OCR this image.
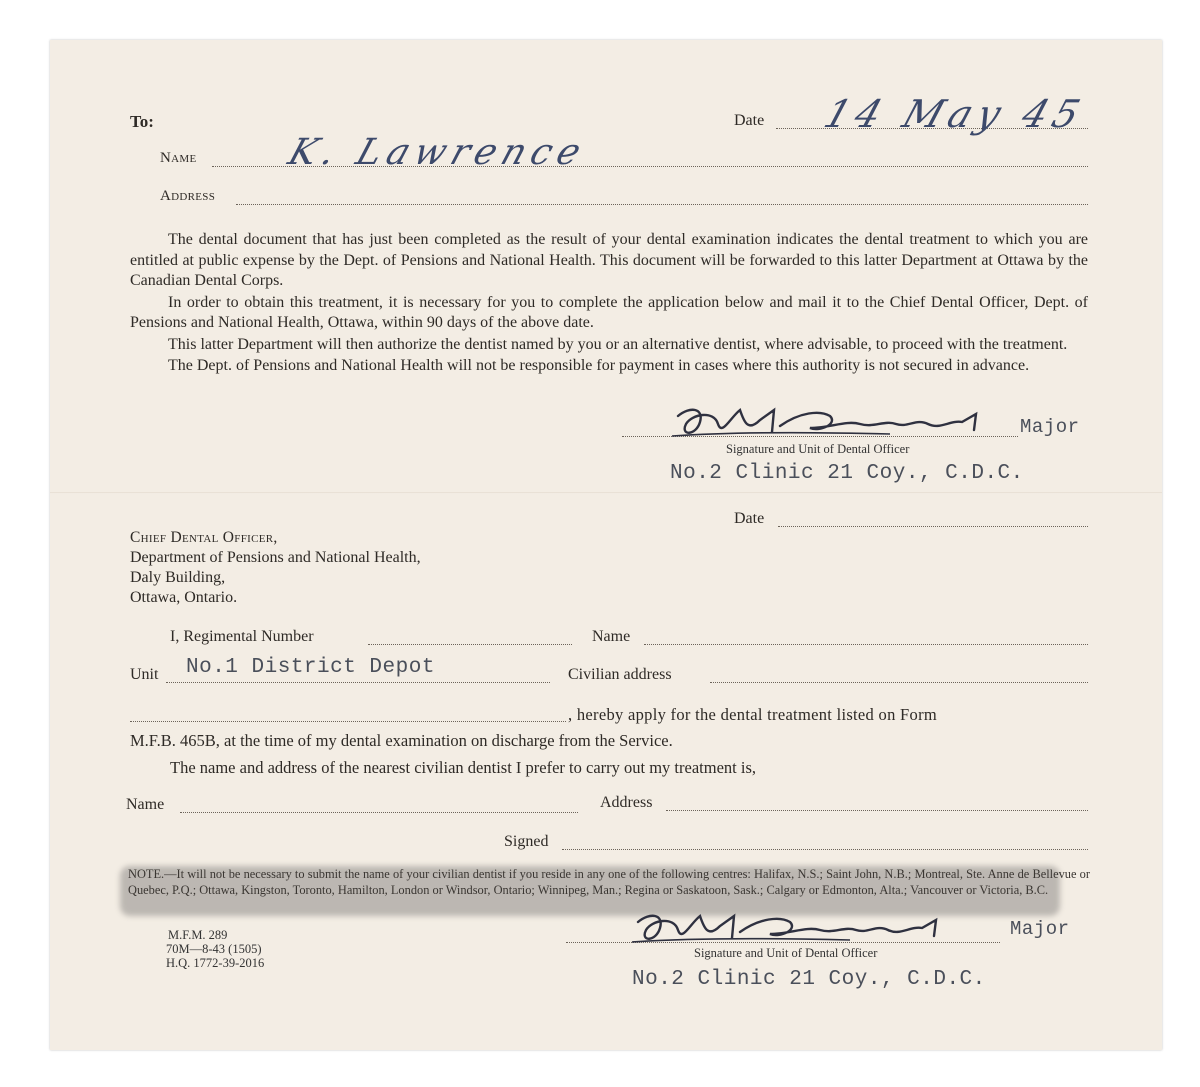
To:	Date 14 May 45
Name K. Lawrence
Address

The dental document that has just been completed as the result of your dental examination indicates the dental treatment to which you are entitled at public expense by the Dept. of Pensions and National Health. This document will be forwarded to this latter Department at Ottawa by the Canadian Dental Corps.

In order to obtain this treatment, it is necessary for you to complete the application below and mail it to the Chief Dental Officer, Dept. of Pensions and National Health, Ottawa, within 90 days of the above date.

This latter Department will then authorize the dentist named by you or an alternative dentist, where advisable, to proceed with the treatment.

The Dept. of Pensions and National Health will not be responsible for payment in cases where this authority is not secured in advance.

Major
Signature and Unit of Dental Officer
No.2 Clinic 21 Coy., C.D.C.
Date
Chief Dental Officer,
Department of Pensions and National Health,
Daly Building,
Ottawa, Ontario.
I, Regimental Number	Name
Unit No.1 District Depot	Civilian address
, hereby apply for the dental treatment listed on Form
M.F.B. 465B, at the time of my dental examination on discharge from the Service.
The name and address of the nearest civilian dentist I prefer to carry out my treatment is,
Name	Address
Signed
NOTE.—It will not be necessary to submit the name of your civilian dentist if you reside in any one of the following centres: Halifax, N.S.; Saint John, N.B.; Montreal, Ste. Anne de Bellevue or Quebec, P.Q.; Ottawa, Kingston, Toronto, Hamilton, London or Windsor, Ontario; Winnipeg, Man.; Regina or Saskatoon, Sask.; Calgary or Edmonton, Alta.; Vancouver or Victoria, B.C.
M.F.M. 289
70M—8-43 (1505)
H.Q. 1772-39-2016
Major
Signature and Unit of Dental Officer
No.2 Clinic 21 Coy., C.D.C.
